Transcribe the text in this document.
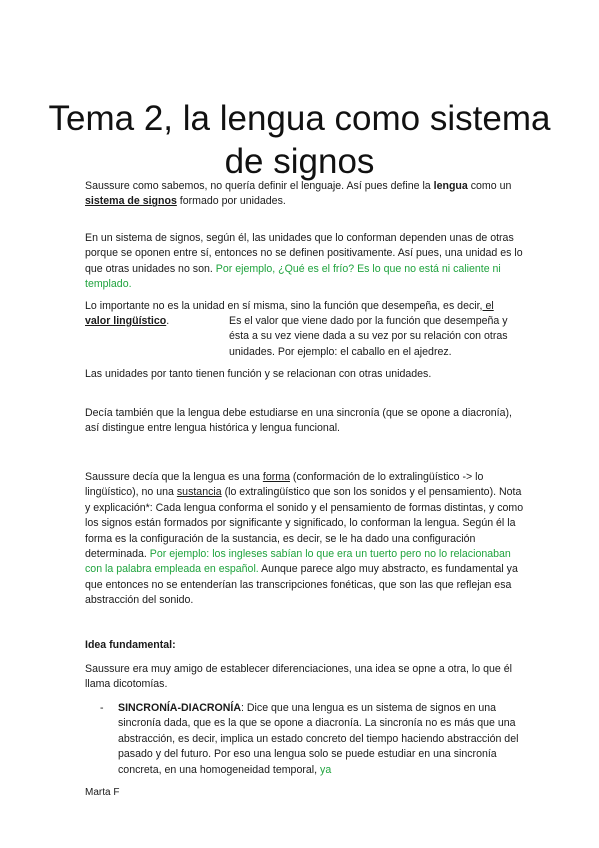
Tema 2, la lengua como sistema de signos

Saussure como sabemos, no quería definir el lenguaje. Así pues define la lengua como un sistema de signos formado por unidades.

En un sistema de signos, según él, las unidades que lo conforman dependen unas de otras porque se oponen entre sí, entonces no se definen positivamente. Así pues, una unidad es lo que otras unidades no son. Por ejemplo, ¿Qué es el frío? Es lo que no está ni caliente ni templado.

Lo importante no es la unidad en sí misma, sino la función que desempeña, es decir, el

valor lingüístico.	Es el valor que viene dado por la función que desempeña y ésta a su vez viene dada a su vez por su relación con otras unidades. Por ejemplo: el caballo en el ajedrez.

Las unidades por tanto tienen función y se relacionan con otras unidades.

Decía también que la lengua debe estudiarse en una sincronía (que se opone a diacronía), así distingue entre lengua histórica y lengua funcional.

Saussure decía que la lengua es una forma (conformación de lo extralingüístico -> lo lingüístico), no una sustancia (lo extralingüístico que son los sonidos y el pensamiento). Nota y explicación*: Cada lengua conforma el sonido y el pensamiento de formas distintas, y como los signos están formados por significante y significado, lo conforman la lengua. Según él la forma es la configuración de la sustancia, es decir, se le ha dado una configuración determinada. Por ejemplo: los ingleses sabían lo que era un tuerto pero no lo relacionaban con la palabra empleada en español. Aunque parece algo muy abstracto, es fundamental ya que entonces no se entenderían las transcripciones fonéticas, que son las que reflejan esa abstracción del sonido.

Idea fundamental:

Saussure era muy amigo de establecer diferenciaciones, una idea se opne a otra, lo que él llama dicotomías.

- SINCRONÍA-DIACRONÍA: Dice que una lengua es un sistema de signos en una sincronía dada, que es la que se opone a diacronía. La sincronía no es más que una abstracción, es decir, implica un estado concreto del tiempo haciendo abstracción del pasado y del futuro. Por eso una lengua solo se puede estudiar en una sincronía concreta, en una homogeneidad temporal, ya

Marta F
